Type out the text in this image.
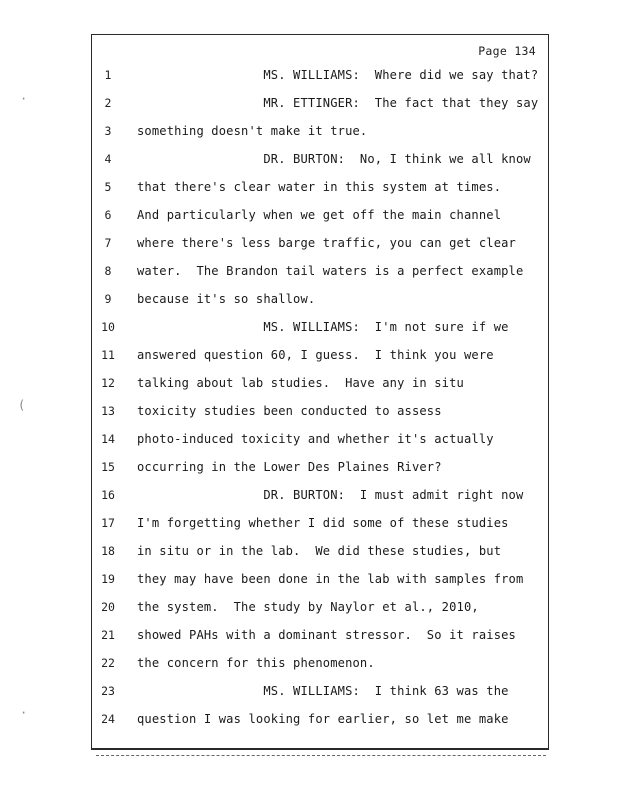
Page 134
·
(
·
1	MS. WILLIAMS:  Where did we say that?
2	MR. ETTINGER:  The fact that they say
3	something doesn't make it true.
4	DR. BURTON:  No, I think we all know
5	that there's clear water in this system at times.
6	And particularly when we get off the main channel
7	where there's less barge traffic, you can get clear
8	water.  The Brandon tail waters is a perfect example
9	because it's so shallow.
10	MS. WILLIAMS:  I'm not sure if we
11	answered question 60, I guess.  I think you were
12	talking about lab studies.  Have any in situ
13	toxicity studies been conducted to assess
14	photo-induced toxicity and whether it's actually
15	occurring in the Lower Des Plaines River?
16	DR. BURTON:  I must admit right now
17	I'm forgetting whether I did some of these studies
18	in situ or in the lab.  We did these studies, but
19	they may have been done in the lab with samples from
20	the system.  The study by Naylor et al., 2010,
21	showed PAHs with a dominant stressor.  So it raises
22	the concern for this phenomenon.
23	MS. WILLIAMS:  I think 63 was the
24	question I was looking for earlier, so let me make
